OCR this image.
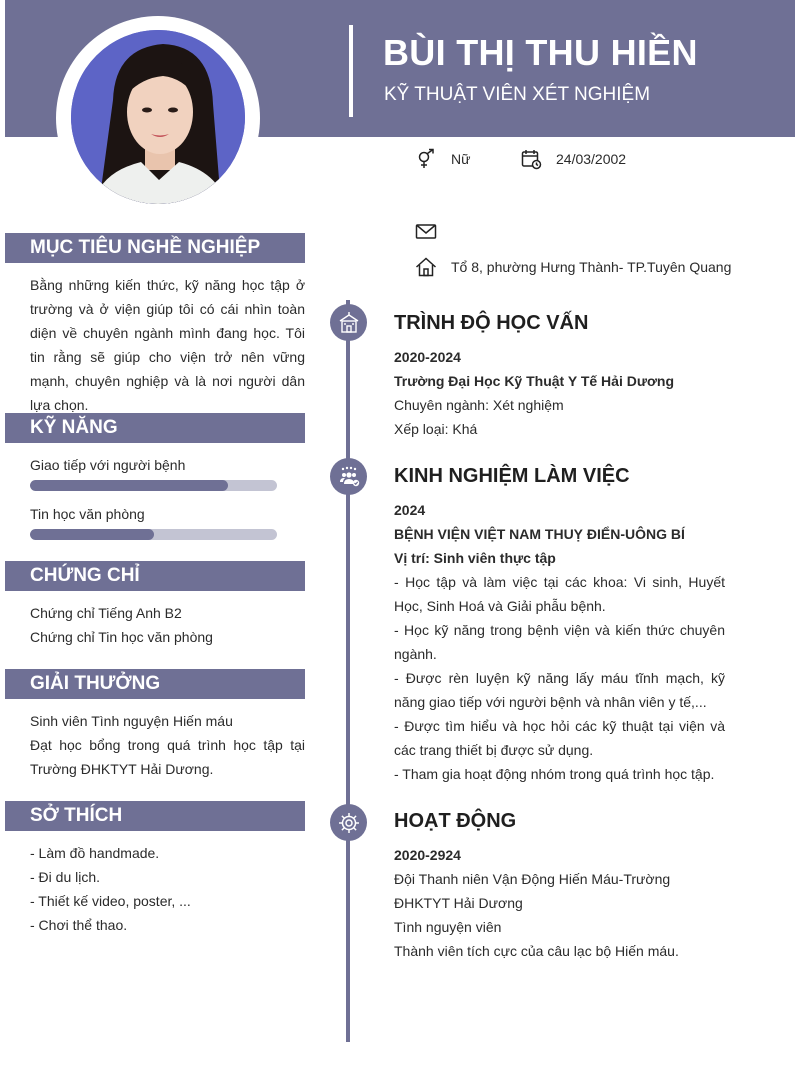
BÙI THỊ THU HIỀN
KỸ THUẬT VIÊN XÉT NGHIỆM
Nữ	24/03/2002
Tổ 8, phường Hưng Thành- TP.Tuyên Quang
MỤC TIÊU NGHỀ NGHIỆP
Bằng những kiến thức, kỹ năng học tập ở trường và ở viện giúp tôi có cái nhìn toàn diện về chuyên ngành mình đang học. Tôi tin rằng sẽ giúp cho viện trở nên vững mạnh, chuyên nghiệp và là nơi người dân lựa chọn.
KỸ NĂNG
Giao tiếp với người bệnh
Tin học văn phòng
CHỨNG CHỈ
Chứng chỉ Tiếng Anh B2
Chứng chỉ Tin học văn phòng
GIẢI THƯỞNG
Sinh viên Tình nguyện Hiến máu
Đạt học bổng trong quá trình học tập tại Trường ĐHKTYT Hải Dương.
SỞ THÍCH
- Làm đồ handmade.
- Đi du lịch.
- Thiết kế video, poster, ...
- Chơi thể thao.
TRÌNH ĐỘ HỌC VẤN
2020-2024
Trường Đại Học Kỹ Thuật Y Tế Hải Dương
Chuyên ngành: Xét nghiệm
Xếp loại: Khá
KINH NGHIỆM LÀM VIỆC
2024
BỆNH VIỆN VIỆT NAM THUỴ ĐIỂN-UÔNG BÍ
Vị trí: Sinh viên thực tập
- Học tập và làm việc tại các khoa: Vi sinh, Huyết Học, Sinh Hoá và Giải phẫu bệnh.
- Học kỹ năng trong bệnh viện và kiến thức chuyên ngành.
- Được rèn luyện kỹ năng lấy máu tĩnh mạch, kỹ năng giao tiếp với người bệnh và nhân viên y tế,...
- Được tìm hiểu và học hỏi các kỹ thuật tại viện và các trang thiết bị được sử dụng.
- Tham gia hoạt động nhóm trong quá trình học tập.
HOẠT ĐỘNG
2020-2924
Đội Thanh niên Vận Động Hiến Máu-Trường ĐHKTYT Hải Dương
Tình nguyện viên
Thành viên tích cực của câu lạc bộ Hiến máu.
